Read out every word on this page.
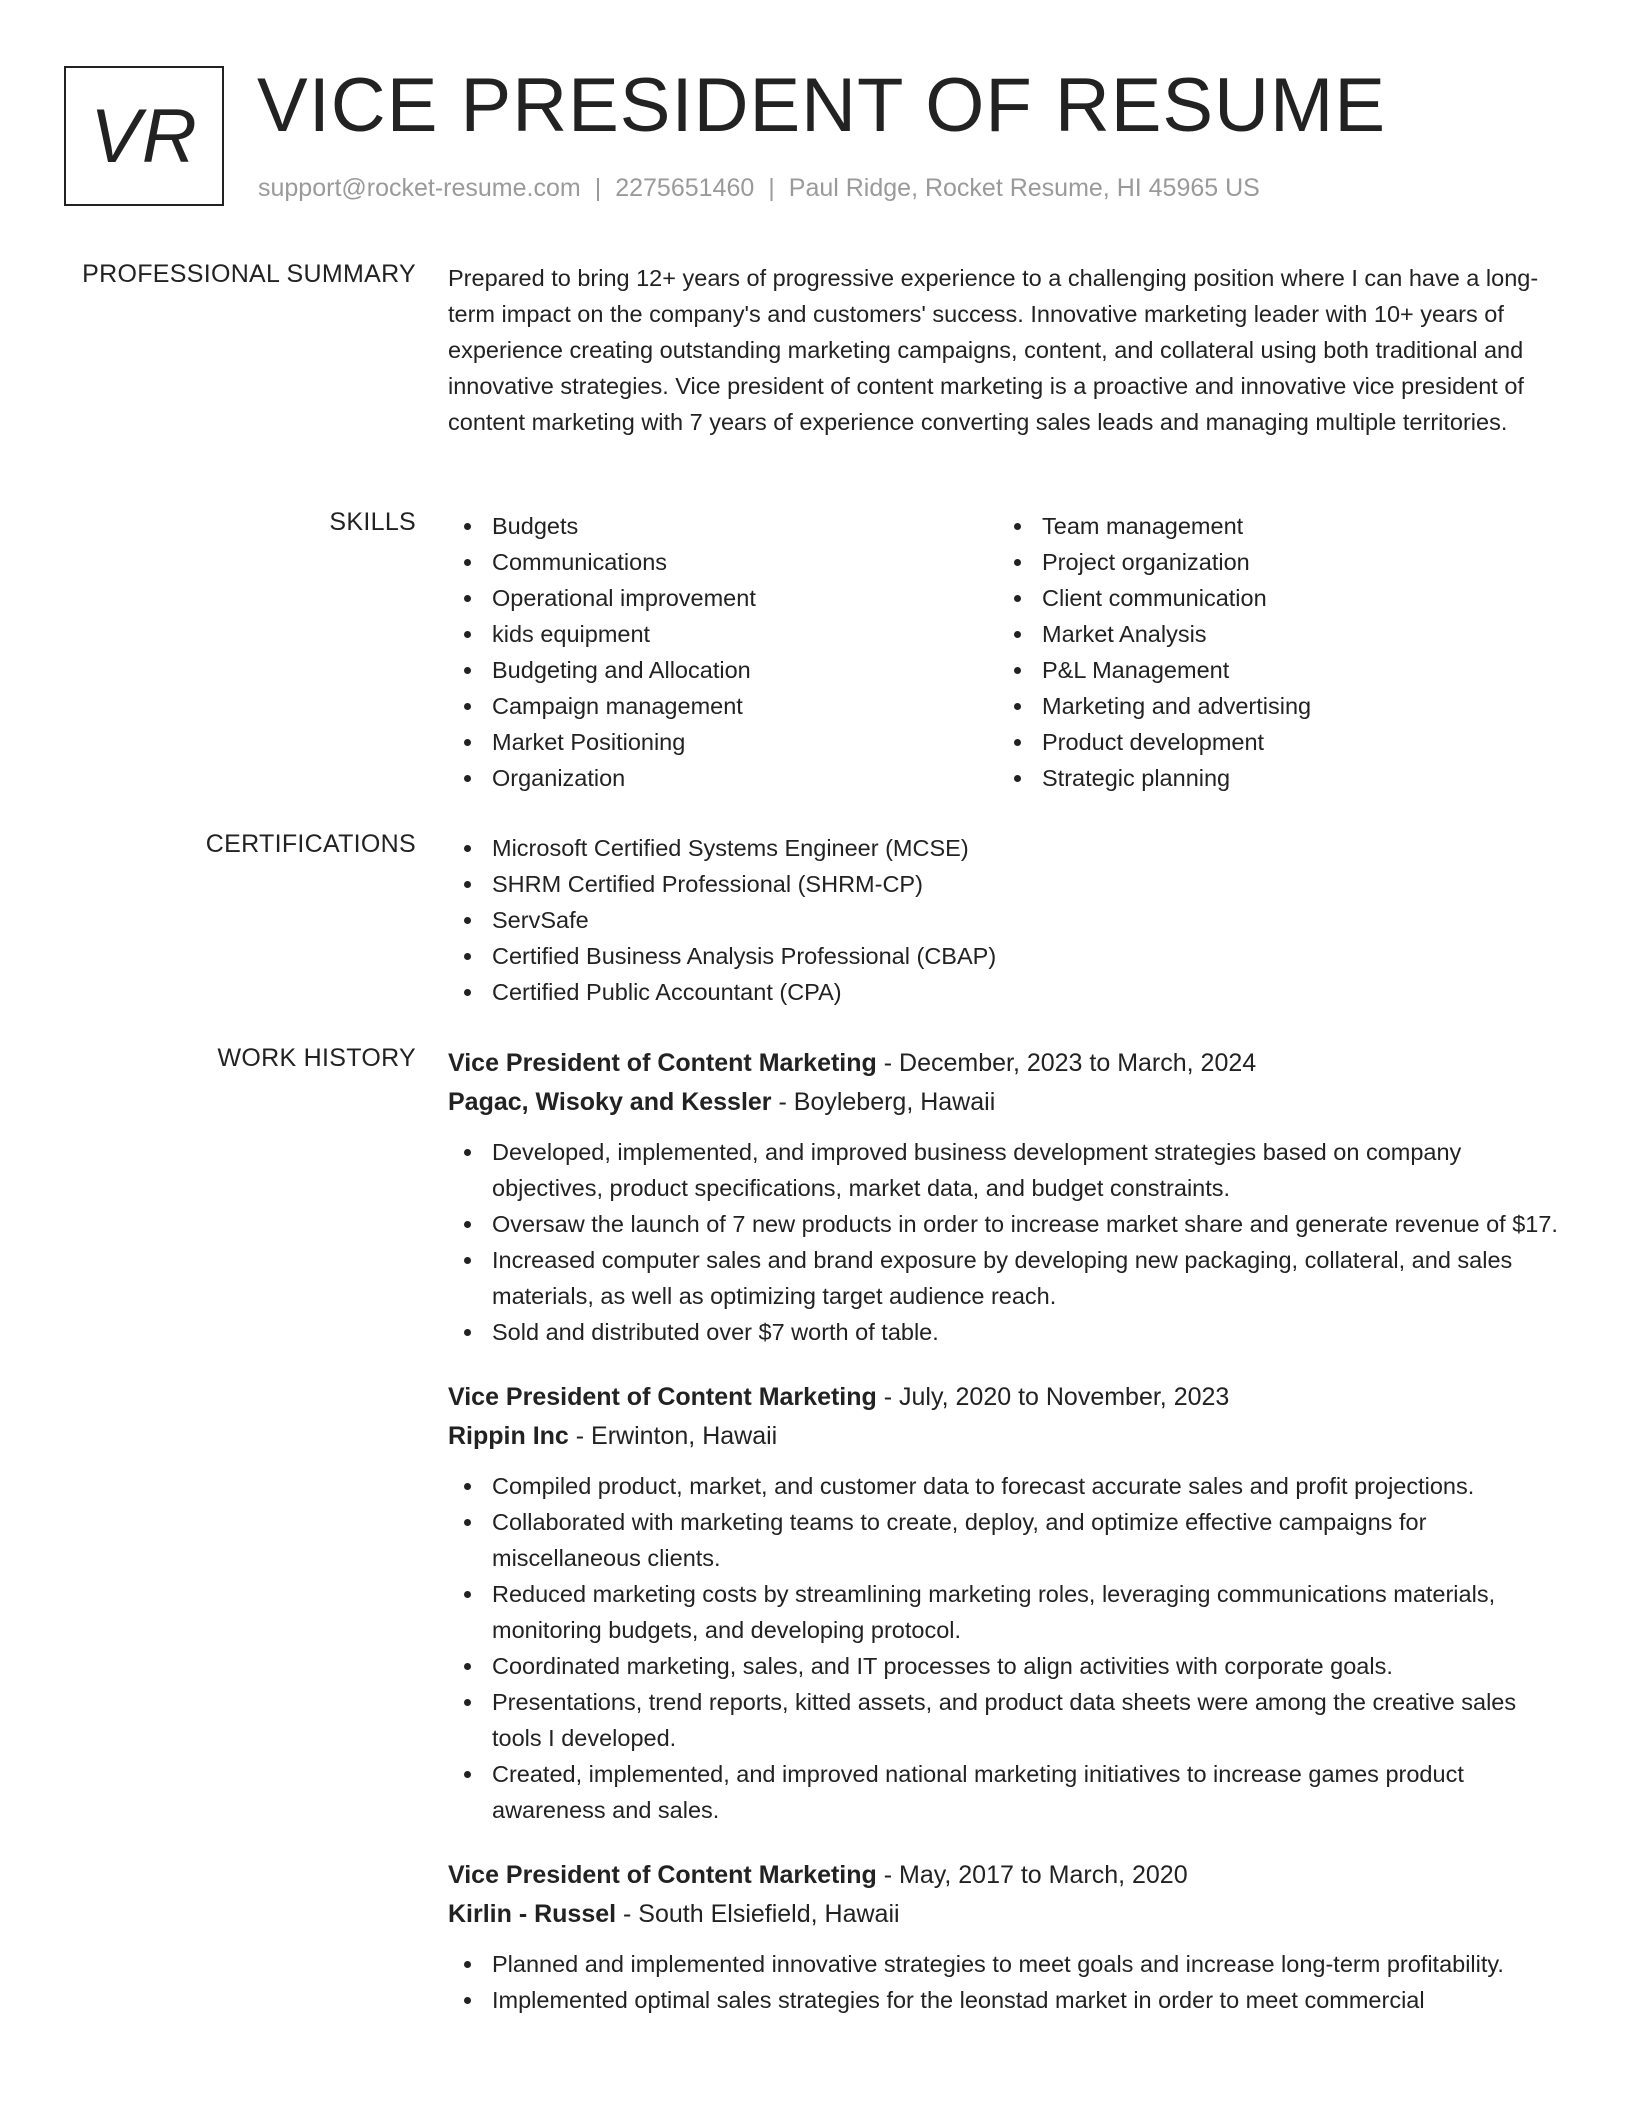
VR VICE PRESIDENT OF RESUME
support@rocket-resume.com | 2275651460 | Paul Ridge, Rocket Resume, HI 45965 US
PROFESSIONAL SUMMARY Prepared to bring 12+ years of progressive experience to a challenging position where I can have a long-term impact on the company's and customers' success. Innovative marketing leader with 10+ years of experience creating outstanding marketing campaigns, content, and collateral using both traditional and innovative strategies. Vice president of content marketing is a proactive and innovative vice president of content marketing with 7 years of experience converting sales leads and managing multiple territories.

SKILLS	Budgets
Communications
Operational improvement
kids equipment
Budgeting and Allocation
Campaign management
Market Positioning
Organization
Team management
Project organization
Client communication
Market Analysis
P&L Management
Marketing and advertising
Product development
Strategic planning
CERTIFICATIONS	Microsoft Certified Systems Engineer (MCSE)
SHRM Certified Professional (SHRM-CP)
ServSafe
Certified Business Analysis Professional (CBAP)
Certified Public Accountant (CPA)
WORK HISTORY Vice President of Content Marketing - December, 2023 to March, 2024
Pagac, Wisoky and Kessler - Boyleberg, Hawaii
Developed, implemented, and improved business development strategies based on company objectives, product specifications, market data, and budget constraints.
Oversaw the launch of 7 new products in order to increase market share and generate revenue of $17.
Increased computer sales and brand exposure by developing new packaging, collateral, and sales materials, as well as optimizing target audience reach.
Sold and distributed over $7 worth of table.
Vice President of Content Marketing - July, 2020 to November, 2023
Rippin Inc - Erwinton, Hawaii
Compiled product, market, and customer data to forecast accurate sales and profit projections.
Collaborated with marketing teams to create, deploy, and optimize effective campaigns for miscellaneous clients.
Reduced marketing costs by streamlining marketing roles, leveraging communications materials, monitoring budgets, and developing protocol.
Coordinated marketing, sales, and IT processes to align activities with corporate goals.
Presentations, trend reports, kitted assets, and product data sheets were among the creative sales tools I developed.
Created, implemented, and improved national marketing initiatives to increase games product awareness and sales.
Vice President of Content Marketing - May, 2017 to March, 2020
Kirlin - Russel - South Elsiefield, Hawaii
Planned and implemented innovative strategies to meet goals and increase long-term profitability.
Implemented optimal sales strategies for the leonstad market in order to meet commercial
